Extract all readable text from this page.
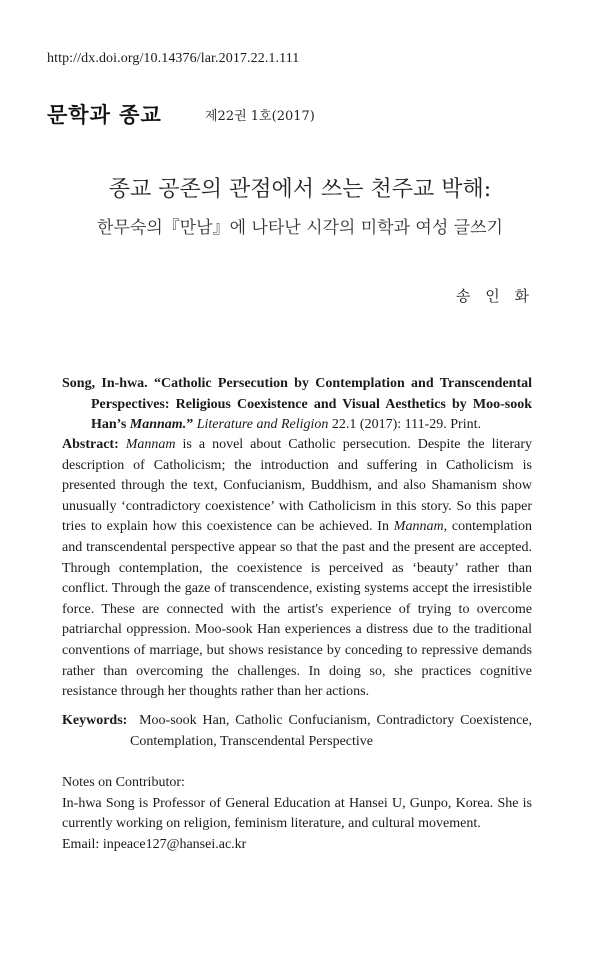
http://dx.doi.org/10.14376/lar.2017.22.1.111
문학과 종교	제22권 1호(2017)
종교 공존의 관점에서 쓰는 천주교 박해:
한무숙의『만남』에 나타난 시각의 미학과 여성 글쓰기
송 인 화
Song, In-hwa. “Catholic Persecution by Contemplation and Transcendental Perspectives: Religious Coexistence and Visual Aesthetics by Moo-sook Han’s Mannam.” Literature and Religion 22.1 (2017): 111-29. Print.
Abstract: Mannam is a novel about Catholic persecution. Despite the literary description of Catholicism; the introduction and suffering in Catholicism is presented through the text, Confucianism, Buddhism, and also Shamanism show unusually ‘contradictory coexistence’ with Catholicism in this story. So this paper tries to explain how this coexistence can be achieved. In Mannam, contemplation and transcendental perspective appear so that the past and the present are accepted. Through contemplation, the coexistence is perceived as ‘beauty’ rather than conflict. Through the gaze of transcendence, existing systems accept the irresistible force. These are connected with the artist's experience of trying to overcome patriarchal oppression. Moo-sook Han experiences a distress due to the traditional conventions of marriage, but shows resistance by conceding to repressive demands rather than overcoming the challenges. In doing so, she practices cognitive resistance through her thoughts rather than her actions.
Keywords: Moo-sook Han, Catholic Confucianism, Contradictory Coexistence, Contemplation, Transcendental Perspective
Notes on Contributor:
In-hwa Song is Professor of General Education at Hansei U, Gunpo, Korea. She is currently working on religion, feminism literature, and cultural movement.
Email: inpeace127@hansei.ac.kr
